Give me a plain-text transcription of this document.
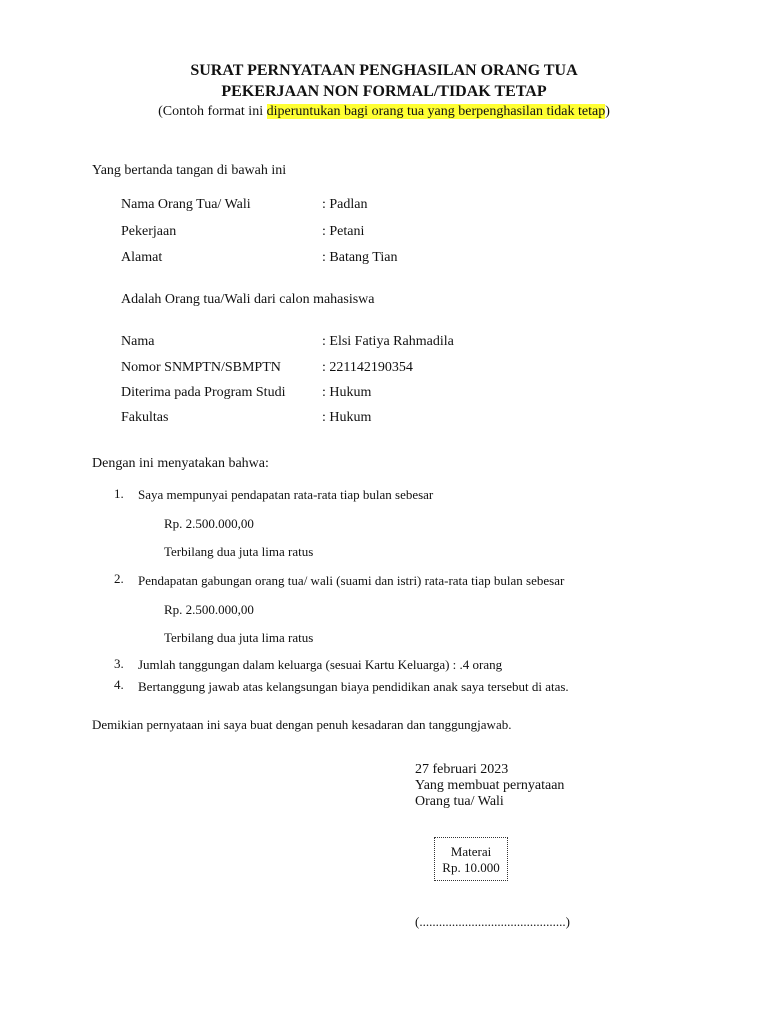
SURAT PERNYATAAN PENGHASILAN ORANG TUA
PEKERJAAN NON FORMAL/TIDAK TETAP
(Contoh format ini diperuntukan bagi orang tua yang berpenghasilan tidak tetap)
Yang bertanda tangan di bawah ini
Nama Orang Tua/ Wali	: Padlan
Pekerjaan	: Petani
Alamat	: Batang Tian
Adalah Orang tua/Wali dari calon mahasiswa
Nama	: Elsi Fatiya Rahmadila
Nomor SNMPTN/SBMPTN	: 221142190354
Diterima pada Program Studi	: Hukum
Fakultas	: Hukum
Dengan ini menyatakan bahwa:
1. Saya mempunyai pendapatan rata-rata tiap bulan sebesar
Rp. 2.500.000,00
Terbilang dua juta lima ratus
2. Pendapatan gabungan orang tua/ wali (suami dan istri) rata-rata tiap bulan sebesar
Rp. 2.500.000,00
Terbilang dua juta lima ratus
3. Jumlah tanggungan dalam keluarga (sesuai Kartu Keluarga) : .4 orang
4. Bertanggung jawab atas kelangsungan biaya pendidikan anak saya tersebut di atas.
Demikian pernyataan ini saya buat dengan penuh kesadaran dan tanggungjawab.
27 februari 2023
Yang membuat pernyataan
Orang tua/ Wali
Materai
Rp. 10.000
(.............................................)
